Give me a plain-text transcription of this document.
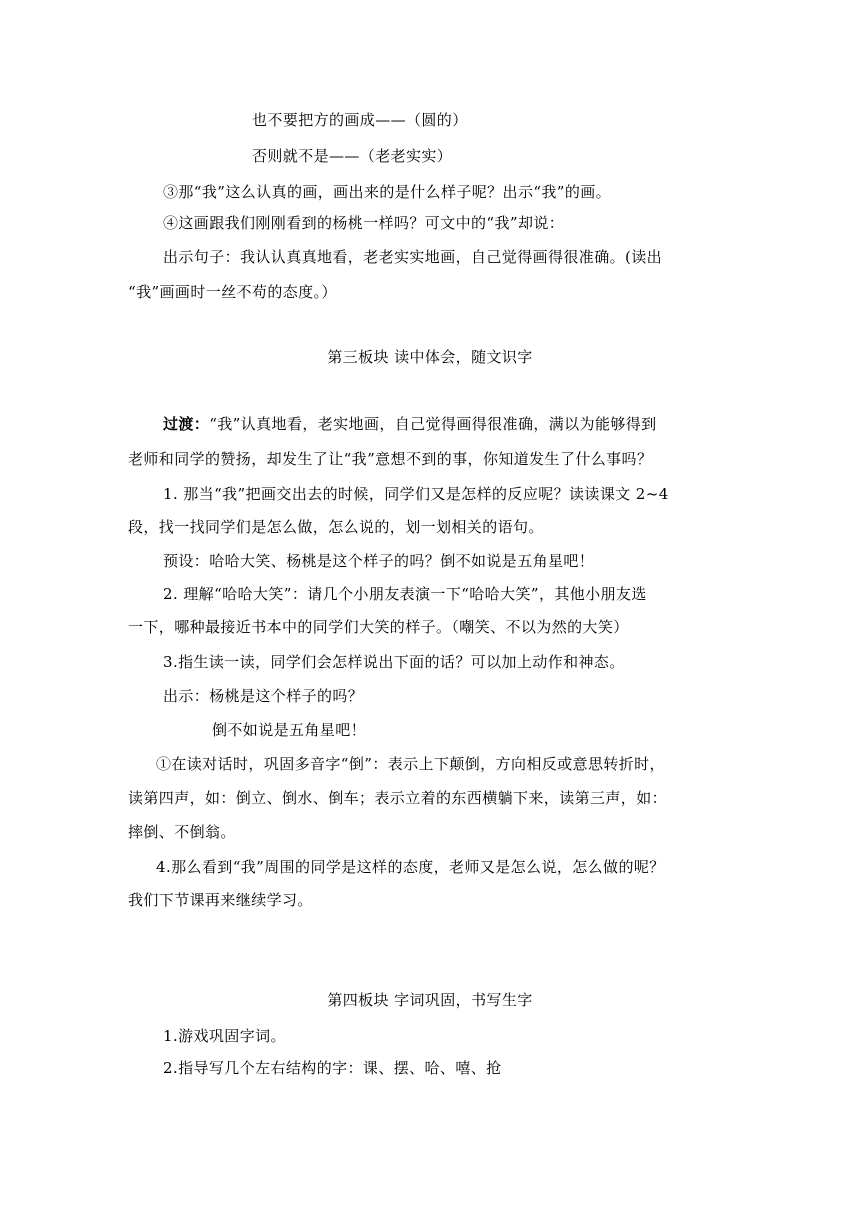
也不要把方的画成——（圆的）
否则就不是——（老老实实）
③那“我”这么认真的画，画出来的是什么样子呢？出示“我”的画。
④这画跟我们刚刚看到的杨桃一样吗？可文中的“我”却说：
出示句子：我认认真真地看，老老实实地画，自己觉得画得很准确。(读出
“我”画画时一丝不苟的态度。）
第三板块 读中体会，随文识字
过渡：“我”认真地看，老实地画，自己觉得画得很准确，满以为能够得到
老师和同学的赞扬，却发生了让“我”意想不到的事，你知道发生了什么事吗？
1. 那当“我”把画交出去的时候，同学们又是怎样的反应呢？读读课文 2~4
段，找一找同学们是怎么做，怎么说的，划一划相关的语句。
预设：哈哈大笑、杨桃是这个样子的吗？倒不如说是五角星吧！
2. 理解“哈哈大笑”：请几个小朋友表演一下“哈哈大笑”，其他小朋友选
一下，哪种最接近书本中的同学们大笑的样子。（嘲笑、不以为然的大笑）
3.指生读一读，同学们会怎样说出下面的话？可以加上动作和神态。
出示：杨桃是这个样子的吗？
倒不如说是五角星吧！
①在读对话时，巩固多音字“倒”：表示上下颠倒，方向相反或意思转折时，
读第四声，如：倒立、倒水、倒车；表示立着的东西横躺下来，读第三声，如：
摔倒、不倒翁。
4.那么看到“我”周围的同学是这样的态度，老师又是怎么说，怎么做的呢？
我们下节课再来继续学习。
第四板块 字词巩固，书写生字
1.游戏巩固字词。
2.指导写几个左右结构的字：课、摆、哈、嘻、抢
